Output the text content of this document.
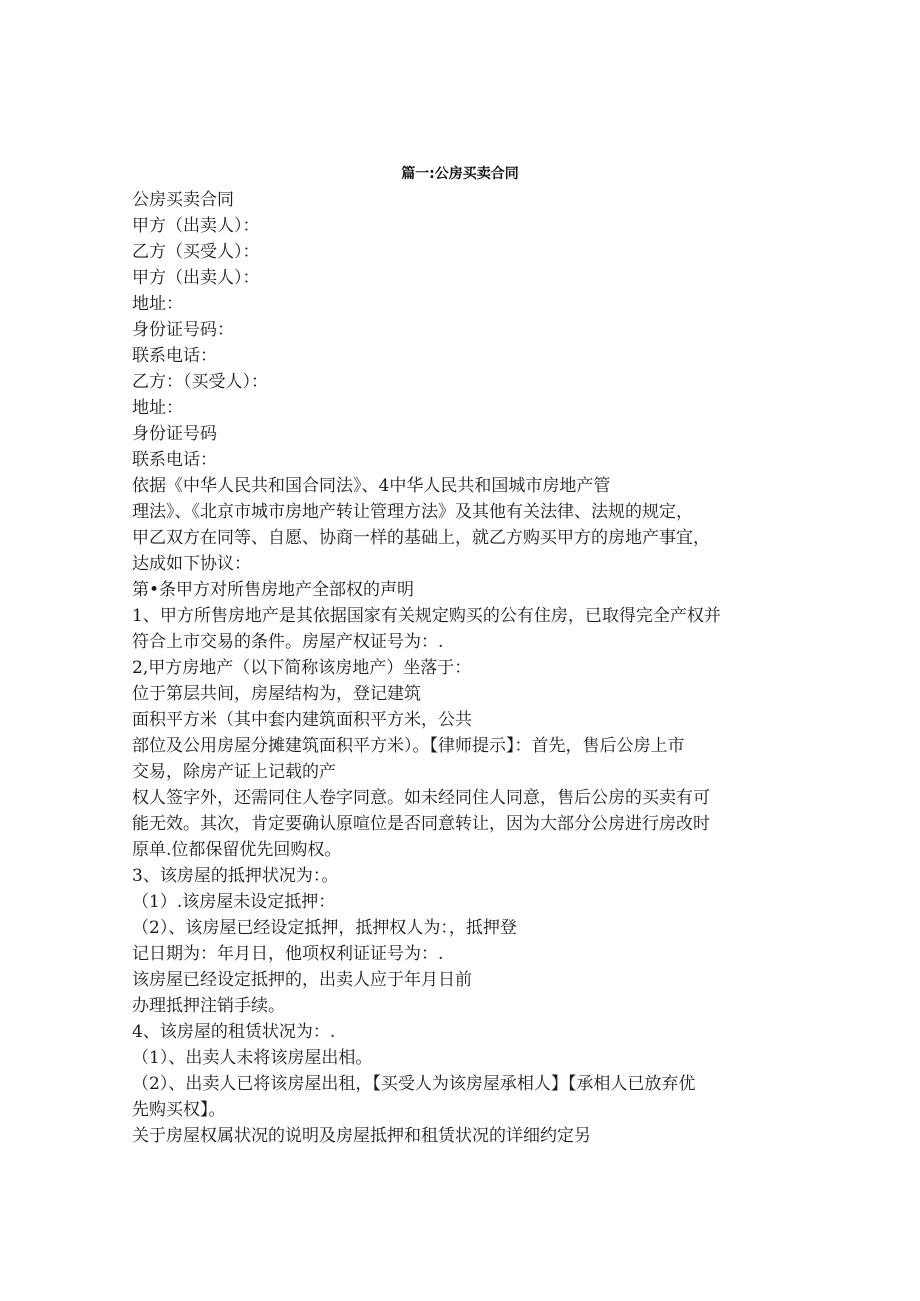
篇一:公房买卖合同
公房买卖合同
甲方（出卖人）：
乙方（买受人）：
甲方（出卖人）：
地址：
身份证号码：
联系电话：
乙方：（买受人）：
地址：
身份证号码
联系电话：
依据《中华人民共和国合同法》、4中华人民共和国城市房地产管
理法》、《北京市城市房地产转让管理方法》及其他有关法律、法规的规定，
甲乙双方在同等、自愿、协商一样的基础上，就乙方购买甲方的房地产事宜，
达成如下协议：
第•条甲方对所售房地产全部权的声明
1、甲方所售房地产是其依据国家有关规定购买的公有住房，已取得完全产权并
符合上市交易的条件。房屋产权证号为：.
2,甲方房地产（以下简称该房地产）坐落于：
位于第层共间，房屋结构为，登记建筑
面积平方米（其中套内建筑面积平方米，公共
部位及公用房屋分摊建筑面积平方米）。【律师提示】：首先，售后公房上市
交易，除房产证上记载的产
权人签字外，还需同住人卷字同意。如未经同住人同意，售后公房的买卖有可
能无效。其次，肯定要确认原喧位是否同意转让，因为大部分公房进行房改时
原单.位都保留优先回购权。
3、该房屋的抵押状况为：。
（1）.该房屋未设定抵押：
（2）、该房屋已经设定抵押，抵押权人为：，抵押登
记日期为：年月日，他项权利证证号为：.
该房屋已经设定抵押的，出卖人应于年月日前
办理抵押注销手续。
4、该房屋的租赁状况为：.
（1）、出卖人未将该房屋出相。
（2）、出卖人已将该房屋出租，【买受人为该房屋承相人】【承相人已放弃优
先购买权】。
关于房屋权属状况的说明及房屋抵押和租赁状况的详细约定另
